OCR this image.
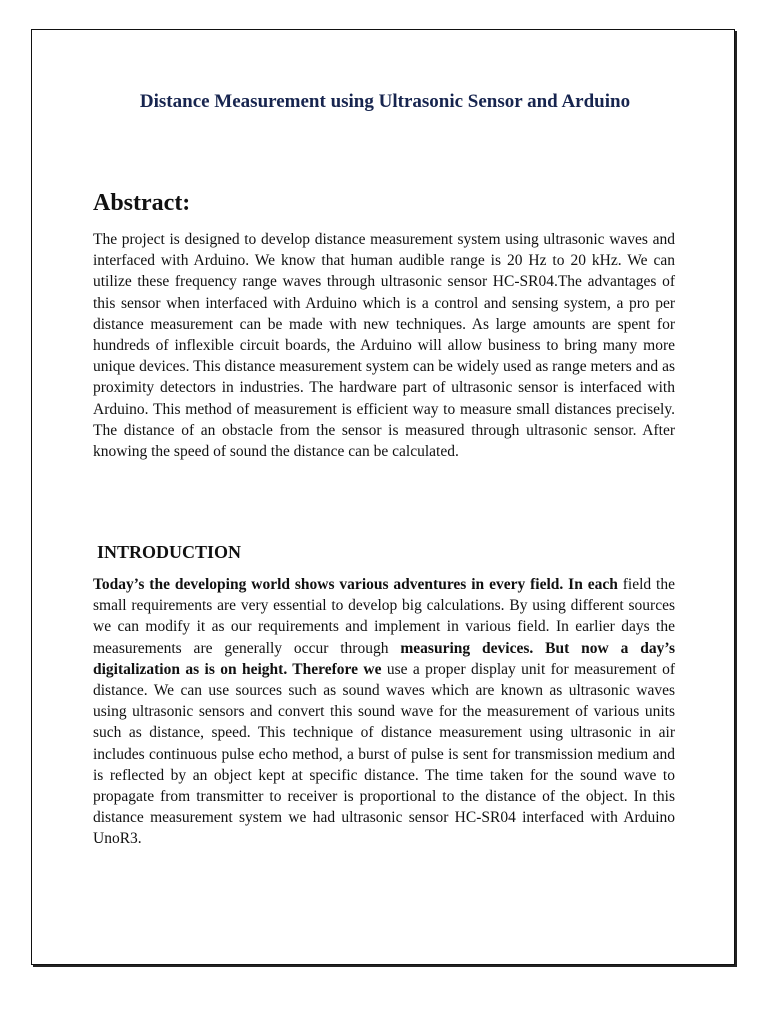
Distance Measurement using Ultrasonic Sensor and Arduino
Abstract:
The project is designed to develop distance measurement system using ultrasonic waves and interfaced with Arduino. We know that human audible range is 20 Hz to 20 kHz. We can utilize these frequency range waves through ultrasonic sensor HC-SR04.The advantages of this sensor when interfaced with Arduino which is a control and sensing system, a pro per distance measurement can be made with new techniques. As large amounts are spent for hundreds of inflexible circuit boards, the Arduino will allow business to bring many more unique devices. This distance measurement system can be widely used as range meters and as proximity detectors in industries. The hardware part of ultrasonic sensor is interfaced with Arduino. This method of measurement is efficient way to measure small distances precisely. The distance of an obstacle from the sensor is measured through ultrasonic sensor. After knowing the speed of sound the distance can be calculated.
INTRODUCTION
Today’s the developing world shows various adventures in every field. In each field the small requirements are very essential to develop big calculations. By using different sources we can modify it as our requirements and implement in various field. In earlier days the measurements are generally occur through measuring devices. But now a day’s digitalization as is on height. Therefore we use a proper display unit for measurement of distance. We can use sources such as sound waves which are known as ultrasonic waves using ultrasonic sensors and convert this sound wave for the measurement of various units such as distance, speed. This technique of distance measurement using ultrasonic in air includes continuous pulse echo method, a burst of pulse is sent for transmission medium and is reflected by an object kept at specific distance. The time taken for the sound wave to propagate from transmitter to receiver is proportional to the distance of the object. In this distance measurement system we had ultrasonic sensor HC-SR04 interfaced with Arduino UnoR3.
